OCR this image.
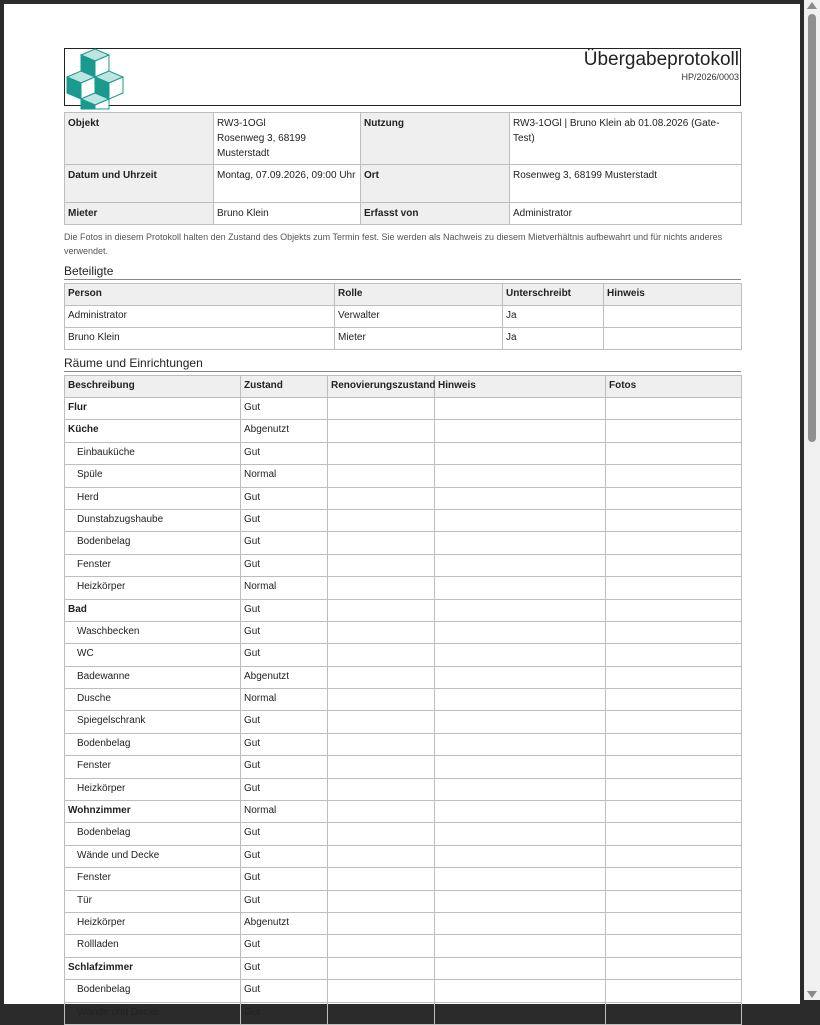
Übergabeprotokoll
HP/2026/0003
Objekt	RW3-1OGl
Rosenweg 3, 68199
Musterstadt	Nutzung	RW3-1OGl | Bruno Klein ab 01.08.2026 (Gate-Test)
Datum und Uhrzeit	Montag, 07.09.2026, 09:00 Uhr	Ort	Rosenweg 3, 68199 Musterstadt
Mieter	Bruno Klein	Erfasst von	Administrator
Die Fotos in diesem Protokoll halten den Zustand des Objekts zum Termin fest. Sie werden als Nachweis zu diesem Mietverhältnis aufbewahrt und für nichts anderes verwendet.
Beteiligte
Person	Rolle	Unterschreibt	Hinweis
Administrator	Verwalter	Ja	
Bruno Klein	Mieter	Ja	
Räume und Einrichtungen
Beschreibung	Zustand	Renovierungszustand	Hinweis	Fotos
Flur	Gut			
Küche	Abgenutzt			
Einbauküche	Gut			
Spüle	Normal			
Herd	Gut			
Dunstabzugshaube	Gut			
Bodenbelag	Gut			
Fenster	Gut			
Heizkörper	Normal			
Bad	Gut			
Waschbecken	Gut			
WC	Gut			
Badewanne	Abgenutzt			
Dusche	Normal			
Spiegelschrank	Gut			
Bodenbelag	Gut			
Fenster	Gut			
Heizkörper	Gut			
Wohnzimmer	Normal			
Bodenbelag	Gut			
Wände und Decke	Gut			
Fenster	Gut			
Tür	Gut			
Heizkörper	Abgenutzt			
Rollladen	Gut			
Schlafzimmer	Gut			
Bodenbelag	Gut			
Wände und Decke	Gut			
